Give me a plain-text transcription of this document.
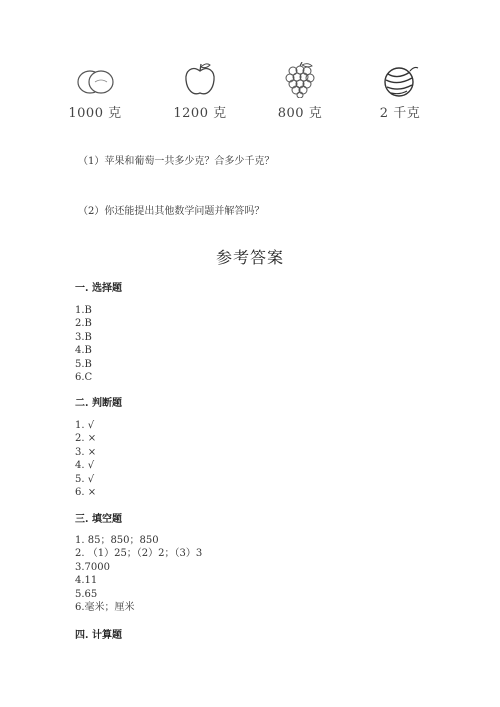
1000 克	1200 克	800 克	2 千克
（1）苹果和葡萄一共多少克？合多少千克？
（2）你还能提出其他数学问题并解答吗？
参考答案
一. 选择题
1.B
2.B
3.B
4.B
5.B
6.C
二. 判断题
1. √
2. ×
3. ×
4. √
5. √
6. ×
三. 填空题
1. 85；850；850
2. （1）25；（2）2；（3）3
3.7000
4.11
5.65
6.毫米；厘米
四. 计算题
